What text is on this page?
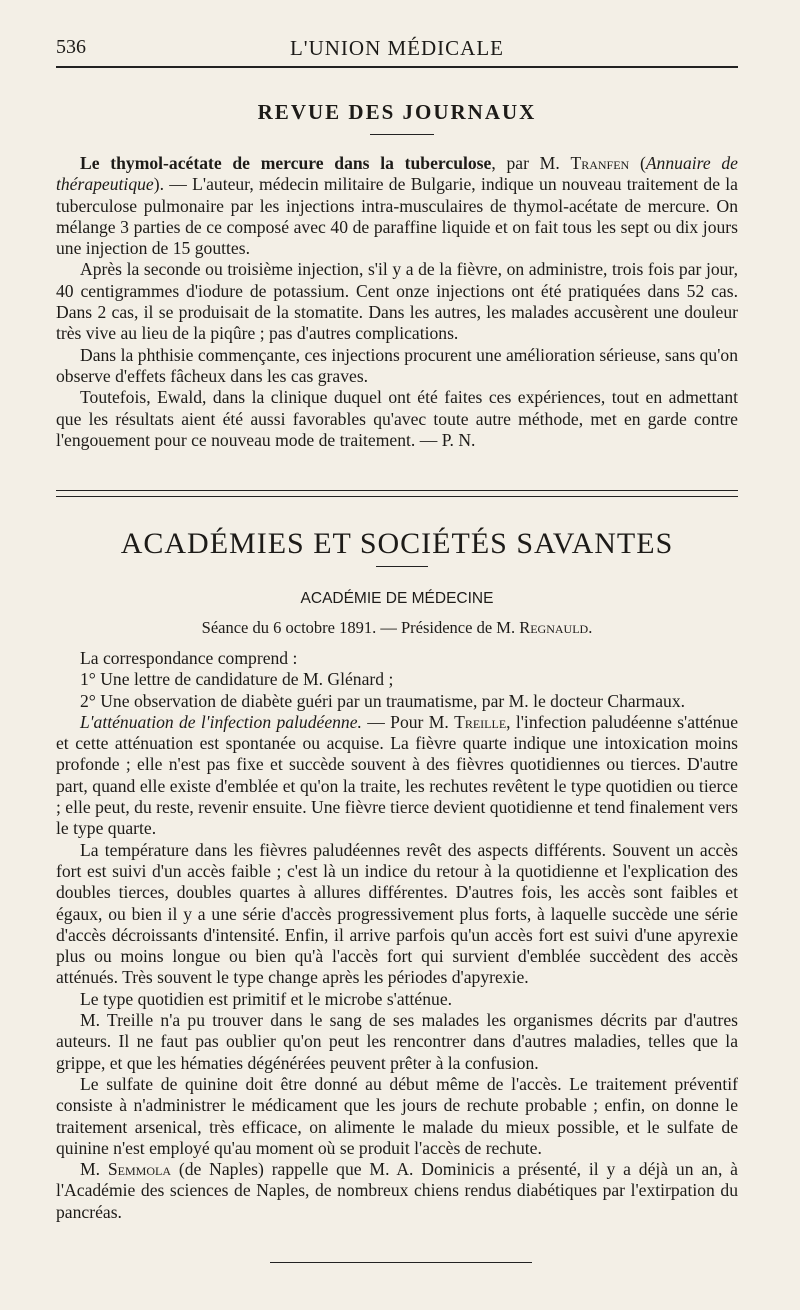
536	L'UNION MÉDICALE
REVUE DES JOURNAUX

Le thymol-acétate de mercure dans la tuberculose, par M. Tranfen (Annuaire de thérapeutique). — L'auteur, médecin militaire de Bulgarie, indique un nouveau traitement de la tuberculose pulmonaire par les injections intra-musculaires de thymol-acétate de mercure. On mélange 3 parties de ce composé avec 40 de paraffine liquide et on fait tous les sept ou dix jours une injection de 15 gouttes.

Après la seconde ou troisième injection, s'il y a de la fièvre, on administre, trois fois par jour, 40 centigrammes d'iodure de potassium. Cent onze injections ont été pratiquées dans 52 cas. Dans 2 cas, il se produisait de la stomatite. Dans les autres, les malades accusèrent une douleur très vive au lieu de la piqûre ; pas d'autres complications.

Dans la phthisie commençante, ces injections procurent une amélioration sérieuse, sans qu'on observe d'effets fâcheux dans les cas graves.

Toutefois, Ewald, dans la clinique duquel ont été faites ces expériences, tout en admettant que les résultats aient été aussi favorables qu'avec toute autre méthode, met en garde contre l'engouement pour ce nouveau mode de traitement. — P. N.

ACADÉMIES ET SOCIÉTÉS SAVANTES
ACADÉMIE DE MÉDECINE
Séance du 6 octobre 1891. — Présidence de M. Regnauld.

La correspondance comprend :

1° Une lettre de candidature de M. Glénard ;

2° Une observation de diabète guéri par un traumatisme, par M. le docteur Charmaux.

L'atténuation de l'infection paludéenne. — Pour M. Treille, l'infection paludéenne s'atténue et cette atténuation est spontanée ou acquise. La fièvre quarte indique une intoxication moins profonde ; elle n'est pas fixe et succède souvent à des fièvres quotidiennes ou tierces. D'autre part, quand elle existe d'emblée et qu'on la traite, les rechutes revêtent le type quotidien ou tierce ; elle peut, du reste, revenir ensuite. Une fièvre tierce devient quotidienne et tend finalement vers le type quarte.

La température dans les fièvres paludéennes revêt des aspects différents. Souvent un accès fort est suivi d'un accès faible ; c'est là un indice du retour à la quotidienne et l'explication des doubles tierces, doubles quartes à allures différentes. D'autres fois, les accès sont faibles et égaux, ou bien il y a une série d'accès progressivement plus forts, à laquelle succède une série d'accès décroissants d'intensité. Enfin, il arrive parfois qu'un accès fort est suivi d'une apyrexie plus ou moins longue ou bien qu'à l'accès fort qui survient d'emblée succèdent des accès atténués. Très souvent le type change après les périodes d'apyrexie.

Le type quotidien est primitif et le microbe s'atténue.

M. Treille n'a pu trouver dans le sang de ses malades les organismes décrits par d'autres auteurs. Il ne faut pas oublier qu'on peut les rencontrer dans d'autres maladies, telles que la grippe, et que les hématies dégénérées peuvent prêter à la confusion.

Le sulfate de quinine doit être donné au début même de l'accès. Le traitement préventif consiste à n'administrer le médicament que les jours de rechute probable ; enfin, on donne le traitement arsenical, très efficace, on alimente le malade du mieux possible, et le sulfate de quinine n'est employé qu'au moment où se produit l'accès de rechute.

M. Semmola (de Naples) rappelle que M. A. Dominicis a présenté, il y a déjà un an, à l'Académie des sciences de Naples, de nombreux chiens rendus diabétiques par l'extirpation du pancréas.
